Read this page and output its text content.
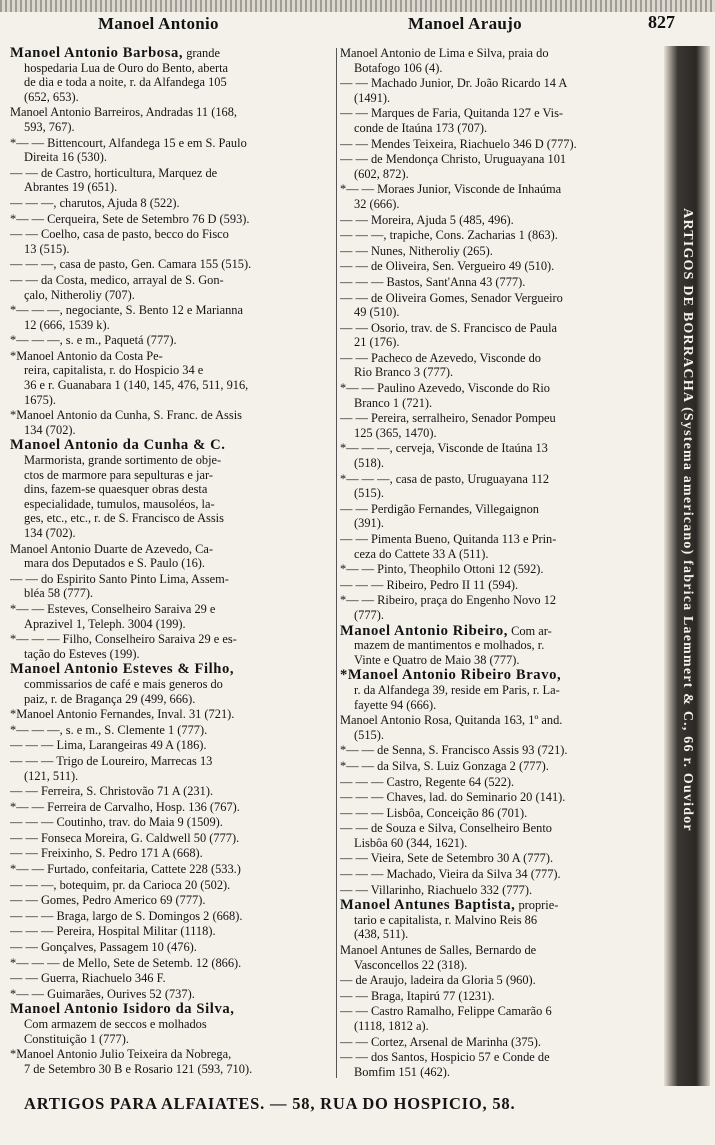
Manoel Antonio	Manoel Araujo	827
Manoel Antonio Barbosa, grande
hospedaria Lua de Ouro do Bento, aberta
de dia e toda a noite, r. da Alfandega 105
(652, 653).
Manoel Antonio Barreiros, Andradas 11 (168,
593, 767).
*— — Bittencourt, Alfandega 15 e em S. Paulo
Direita 16 (530).
— — de Castro, horticultura, Marquez de
Abrantes 19 (651).
— — —, charutos, Ajuda 8 (522).
*— — Cerqueira, Sete de Setembro 76 D (593).
— — Coelho, casa de pasto, becco do Fisco
13 (515).
— — —, casa de pasto, Gen. Camara 155 (515).
— — da Costa, medico, arrayal de S. Gon-
çalo, Nitheroliy (707).
*— — —, negociante, S. Bento 12 e Marianna
12 (666, 1539 k).
*— — —, s. e m., Paquetá (777).
*Manoel Antonio da Costa Pe-
reira, capitalista, r. do Hospicio 34 e
36 e r. Guanabara 1 (140, 145, 476, 511, 916,
1675).
*Manoel Antonio da Cunha, S. Franc. de Assis
134 (702).
Manoel Antonio da Cunha & C.
Marmorista, grande sortimento de obje-
ctos de marmore para sepulturas e jar-
dins, fazem-se quaesquer obras desta
especialidade, tumulos, mausoléos, la-
ges, etc., etc., r. de S. Francisco de Assis
134 (702).
Manoel Antonio Duarte de Azevedo, Ca-
mara dos Deputados e S. Paulo (16).
— — do Espirito Santo Pinto Lima, Assem-
bléa 58 (777).
*— — Esteves, Conselheiro Saraiva 29 e
Aprazivel 1, Teleph. 3004 (199).
*— — — Filho, Conselheiro Saraiva 29 e es-
tação do Esteves (199).
Manoel Antonio Esteves & Filho,
commissarios de café e mais generos do
paiz, r. de Bragança 29 (499, 666).
*Manoel Antonio Fernandes, Inval. 31 (721).
*— — —, s. e m., S. Clemente 1 (777).
— — — Lima, Larangeiras 49 A (186).
— — — Trigo de Loureiro, Marrecas 13
(121, 511).
— — Ferreira, S. Christovão 71 A (231).
*— — Ferreira de Carvalho, Hosp. 136 (767).
— — — Coutinho, trav. do Maia 9 (1509).
— — Fonseca Moreira, G. Caldwell 50 (777).
— — Freixinho, S. Pedro 171 A (668).
*— — Furtado, confeitaria, Cattete 228 (533.)
— — —, botequim, pr. da Carioca 20 (502).
— — Gomes, Pedro Americo 69 (777).
— — — Braga, largo de S. Domingos 2 (668).
— — — Pereira, Hospital Militar (1118).
— — Gonçalves, Passagem 10 (476).
*— — — de Mello, Sete de Setemb. 12 (866).
— — Guerra, Riachuelo 346 F.
*— — Guimarães, Ourives 52 (737).
Manoel Antonio Isidoro da Silva,
Com armazem de seccos e molhados
Constituição 1 (777).
*Manoel Antonio Julio Teixeira da Nobrega,
7 de Setembro 30 B e Rosario 121 (593, 710).
Manoel Antonio de Lima e Silva, praia do
Botafogo 106 (4).
— — Machado Junior, Dr. João Ricardo 14 A
(1491).
— — Marques de Faria, Quitanda 127 e Vis-
conde de Itaúna 173 (707).
— — Mendes Teixeira, Riachuelo 346 D (777).
— — de Mendonça Christo, Uruguayana 101
(602, 872).
*— — Moraes Junior, Visconde de Inhaúma
32 (666).
— — Moreira, Ajuda 5 (485, 496).
— — —, trapiche, Cons. Zacharias 1 (863).
— — Nunes, Nitheroliy (265).
— — de Oliveira, Sen. Vergueiro 49 (510).
— — — Bastos, Sant'Anna 43 (777).
— — de Oliveira Gomes, Senador Vergueiro
49 (510).
— — Osorio, trav. de S. Francisco de Paula
21 (176).
— — Pacheco de Azevedo, Visconde do
Rio Branco 3 (777).
*— — Paulino Azevedo, Visconde do Rio
Branco 1 (721).
— — Pereira, serralheiro, Senador Pompeu
125 (365, 1470).
*— — —, cerveja, Visconde de Itaúna 13
(518).
*— — —, casa de pasto, Uruguayana 112
(515).
— — Perdigão Fernandes, Villegaignon
(391).
— — Pimenta Bueno, Quitanda 113 e Prin-
ceza do Cattete 33 A (511).
*— — Pinto, Theophilo Ottoni 12 (592).
— — — Ribeiro, Pedro II 11 (594).
*— — Ribeiro, praça do Engenho Novo 12
(777).
Manoel Antonio Ribeiro, Com ar-
mazem de mantimentos e molhados, r.
Vinte e Quatro de Maio 38 (777).
*Manoel Antonio Ribeiro Bravo,
r. da Alfandega 39, reside em Paris, r. La-
fayette 94 (666).
Manoel Antonio Rosa, Quitanda 163, 1º and.
(515).
*— — de Senna, S. Francisco Assis 93 (721).
*— — da Silva, S. Luiz Gonzaga 2 (777).
— — — Castro, Regente 64 (522).
— — — Chaves, lad. do Seminario 20 (141).
— — — Lisbôa, Conceição 86 (701).
— — de Souza e Silva, Conselheiro Bento
Lisbôa 60 (344, 1621).
— — Vieira, Sete de Setembro 30 A (777).
— — — Machado, Vieira da Silva 34 (777).
— — Villarinho, Riachuelo 332 (777).
Manoel Antunes Baptista, proprie-
tario e capitalista, r. Malvino Reis 86
(438, 511).
Manoel Antunes de Salles, Bernardo de
Vasconcellos 22 (318).
— de Araujo, ladeira da Gloria 5 (960).
— — Braga, Itapirú 77 (1231).
— — Castro Ramalho, Felippe Camarão 6
(1118, 1812 a).
— — Cortez, Arsenal de Marinha (375).
— — dos Santos, Hospicio 57 e Conde de
Bomfim 151 (462).
ARTIGOS DE BORRACHA (Systema americano) fabrica Laemmert & C., 66 r. Ouvidor
ARTIGOS PARA ALFAIATES. — 58, RUA DO HOSPICIO, 58.
